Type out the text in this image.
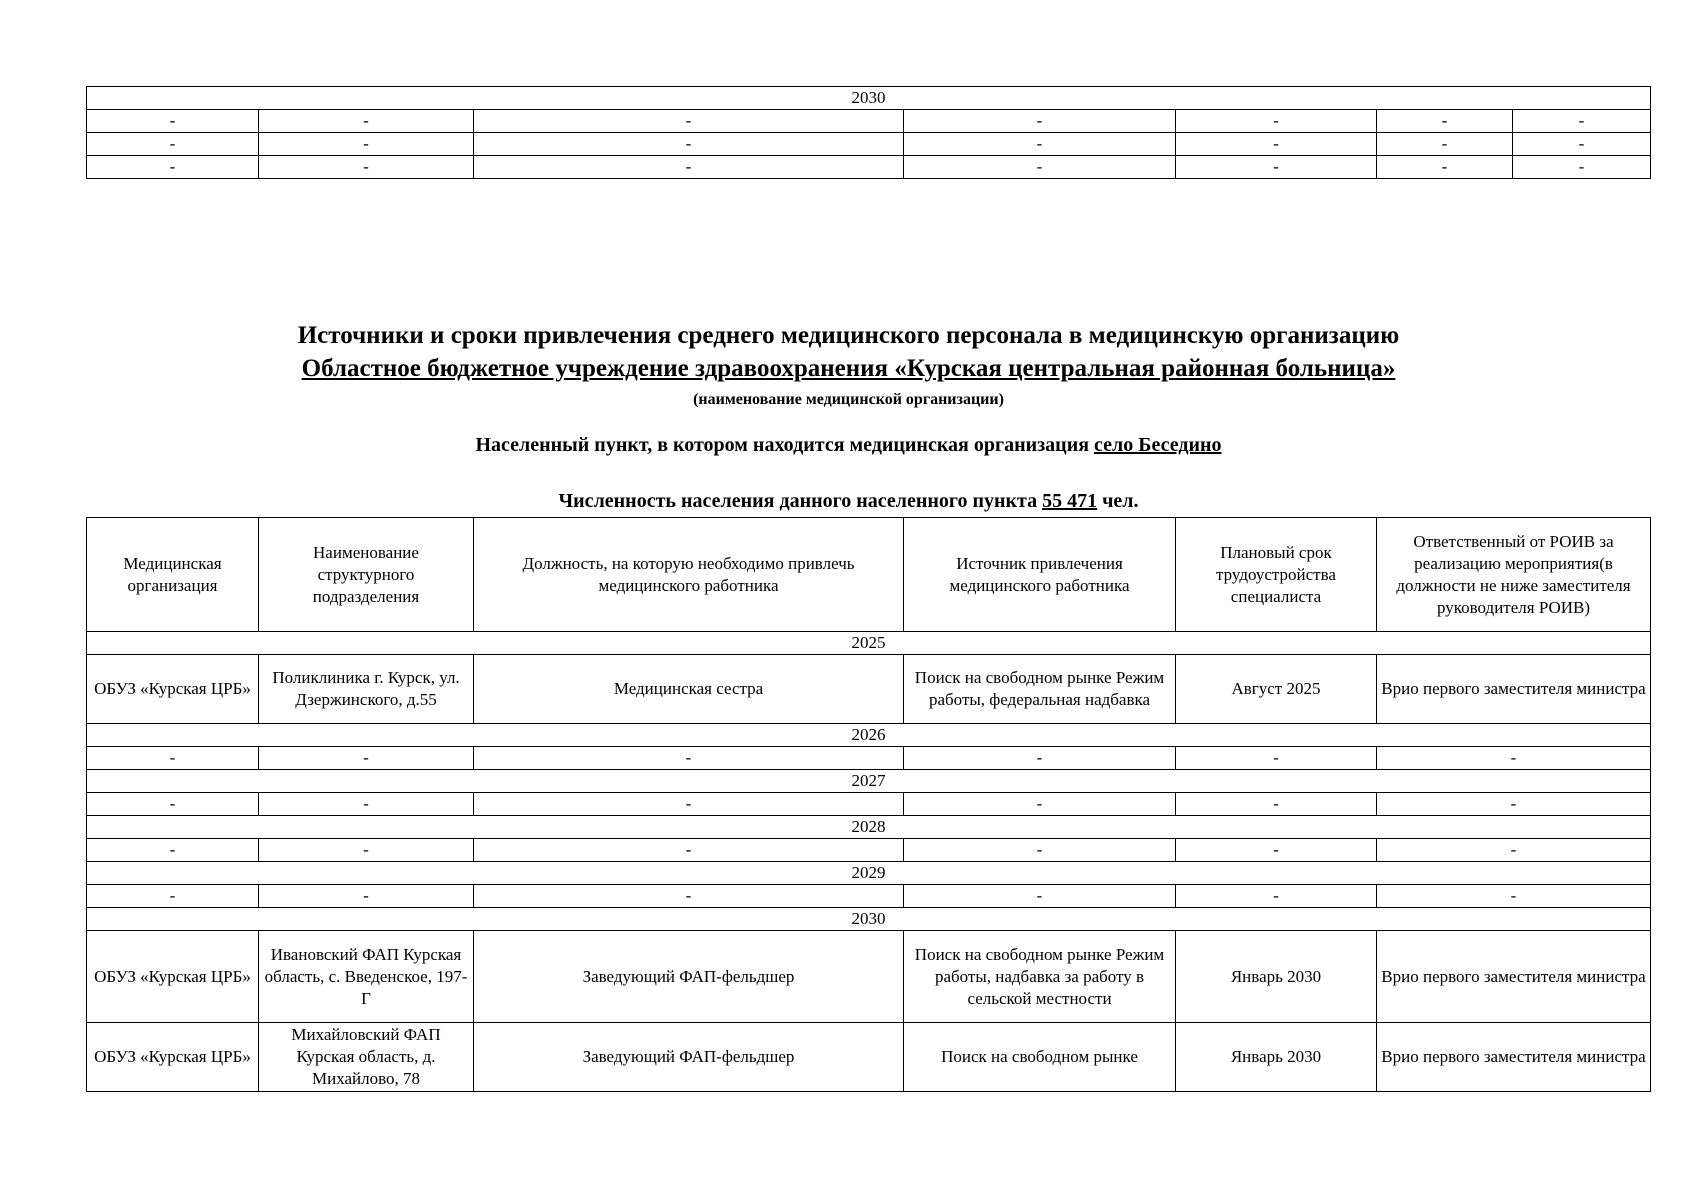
2030						
-	-	-	-	-	-	-
-	-	-	-	-	-	-
-	-	-	-	-	-	-

Источники и сроки привлечения среднего медицинского персонала в медицинскую организацию

Областное бюджетное учреждение здравоохранения «Курская центральная районная больница»

(наименование медицинской организации)

Населенный пункт, в котором находится медицинская организация село Беседино

Численность населения данного населенного пункта 55 471 чел.

Медицинская организация	Наименование структурного подразделения	Должность, на которую необходимо привлечь медицинского работника	Источник привлечения медицинского работника	Плановый срок трудоустройства специалиста	Ответственный от РОИВ за реализацию мероприятия(в должности не ниже заместителя руководителя РОИВ)
2025					
ОБУЗ «Курская ЦРБ»	Поликлиника г. Курск, ул. Дзержинского, д.55	Медицинская сестра	Поиск на свободном рынке Режим работы, федеральная надбавка	Август 2025	Врио первого заместителя министра
2026					
-	-	-	-	-	-
2027					
-	-	-	-	-	-
2028					
-	-	-	-	-	-
2029					
-	-	-	-	-	-
2030					
ОБУЗ «Курская ЦРБ»	Ивановский ФАП Курская область, с. Введенское, 197-Г	Заведующий ФАП-фельдшер	Поиск на свободном рынке Режим работы, надбавка за работу в сельской местности	Январь 2030	Врио первого заместителя министра
ОБУЗ «Курская ЦРБ»	Михайловский ФАП Курская область, д. Михайлово, 78	Заведующий ФАП-фельдшер	Поиск на свободном рынке	Январь 2030	Врио первого заместителя министра
